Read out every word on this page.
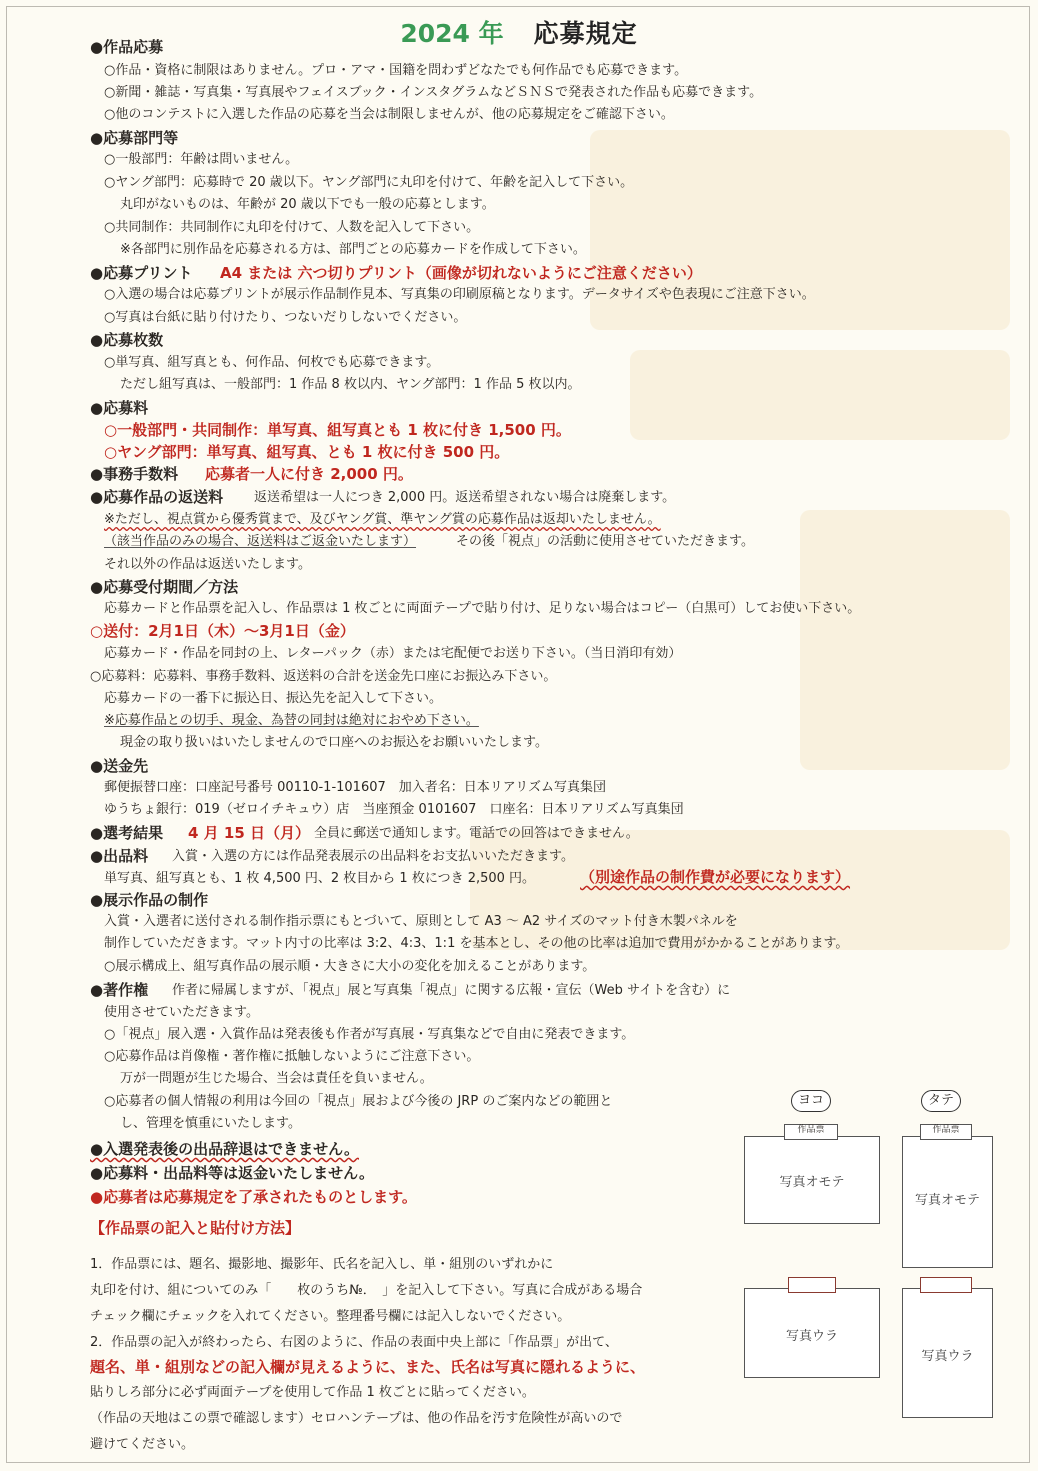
2024 年 応募規定
●作品応募
○作品・資格に制限はありません。プロ・アマ・国籍を問わずどなたでも何作品でも応募できます。
○新聞・雑誌・写真集・写真展やフェイスブック・インスタグラムなどＳＮＳで発表された作品も応募できます。
○他のコンテストに入選した作品の応募を当会は制限しませんが、他の応募規定をご確認下さい。
●応募部門等
○一般部門：年齢は問いません。
○ヤング部門：応募時で 20 歳以下。ヤング部門に丸印を付けて、年齢を記入して下さい。
丸印がないものは、年齢が 20 歳以下でも一般の応募とします。
○共同制作：共同制作に丸印を付けて、人数を記入して下さい。
※各部門に別作品を応募される方は、部門ごとの応募カードを作成して下さい。
●応募プリント A4 または 六つ切りプリント（画像が切れないようにご注意ください）
○入選の場合は応募プリントが展示作品制作見本、写真集の印刷原稿となります。データサイズや色表現にご注意下さい。
○写真は台紙に貼り付けたり、つないだりしないでください。
●応募枚数
○単写真、組写真とも、何作品、何枚でも応募できます。
ただし組写真は、一般部門：1 作品 8 枚以内、ヤング部門：1 作品 5 枚以内。
●応募料
○一般部門・共同制作：単写真、組写真とも 1 枚に付き 1,500 円。
○ヤング部門：単写真、組写真、とも 1 枚に付き 500 円。
●事務手数料 応募者一人に付き 2,000 円。
●応募作品の返送料 返送希望は一人につき 2,000 円。返送希望されない場合は廃棄します。
※ただし、視点賞から優秀賞まで、及びヤング賞、準ヤング賞の応募作品は返却いたしません。
（該当作品のみの場合、返送料はご返金いたします）	その後「視点」の活動に使用させていただきます。
それ以外の作品は返送いたします。
●応募受付期間／方法
応募カードと作品票を記入し、作品票は 1 枚ごとに両面テープで貼り付け、足りない場合はコピー（白黒可）してお使い下さい。
○送付：2月1日（木）～3月1日（金）
応募カード・作品を同封の上、レターパック（赤）または宅配便でお送り下さい。（当日消印有効）
○応募料：応募料、事務手数料、返送料の合計を送金先口座にお振込み下さい。
応募カードの一番下に振込日、振込先を記入して下さい。
※応募作品との切手、現金、為替の同封は絶対におやめ下さい。
現金の取り扱いはいたしませんので口座へのお振込をお願いいたします。
●送金先
郵便振替口座：口座記号番号 00110-1-101607　加入者名：日本リアリズム写真集団
ゆうちょ銀行：019（ゼロイチキュウ）店　当座預金 0101607　口座名：日本リアリズム写真集団
●選考結果 4 月 15 日（月） 全員に郵送で通知します。電話での回答はできません。
●出品料 入賞・入選の方には作品発表展示の出品料をお支払いいただきます。
単写真、組写真とも、1 枚 4,500 円、2 枚目から 1 枚につき 2,500 円。	（別途作品の制作費が必要になります）
●展示作品の制作
入賞・入選者に送付される制作指示票にもとづいて、原則として A3 ～ A2 サイズのマット付き木製パネルを
制作していただきます。マット内寸の比率は 3:2、4:3、1:1 を基本とし、その他の比率は追加で費用がかかることがあります。
○展示構成上、組写真作品の展示順・大きさに大小の変化を加えることがあります。
●著作権 作者に帰属しますが、「視点」展と写真集「視点」に関する広報・宣伝（Web サイトを含む）に
使用させていただきます。
○「視点」展入選・入賞作品は発表後も作者が写真展・写真集などで自由に発表できます。
○応募作品は肖像権・著作権に抵触しないようにご注意下さい。
万が一問題が生じた場合、当会は責任を負いません。
○応募者の個人情報の利用は今回の「視点」展および今後の JRP のご案内などの範囲と
し、管理を慎重にいたします。
●入選発表後の出品辞退はできません。
●応募料・出品料等は返金いたしません。
●応募者は応募規定を了承されたものとします。
【作品票の記入と貼付け方法】
1．作品票には、題名、撮影地、撮影年、氏名を記入し、単・組別のいずれかに
丸印を付け、組についてのみ「　　枚のうち№．　」を記入して下さい。写真に合成がある場合
チェック欄にチェックを入れてください。整理番号欄には記入しないでください。
2．作品票の記入が終わったら、右図のように、作品の表面中央上部に「作品票」が出て、
題名、単・組別などの記入欄が見えるように、また、氏名は写真に隠れるように、
貼りしろ部分に必ず両面テープを使用して作品 1 枚ごとに貼ってください。
（作品の天地はこの票で確認します）セロハンテープは、他の作品を汚す危険性が高いので
避けてください。
ヨコ	タテ
写真オモテ
作品票
写真オモテ
作品票
写真ウラ
写真ウラ
